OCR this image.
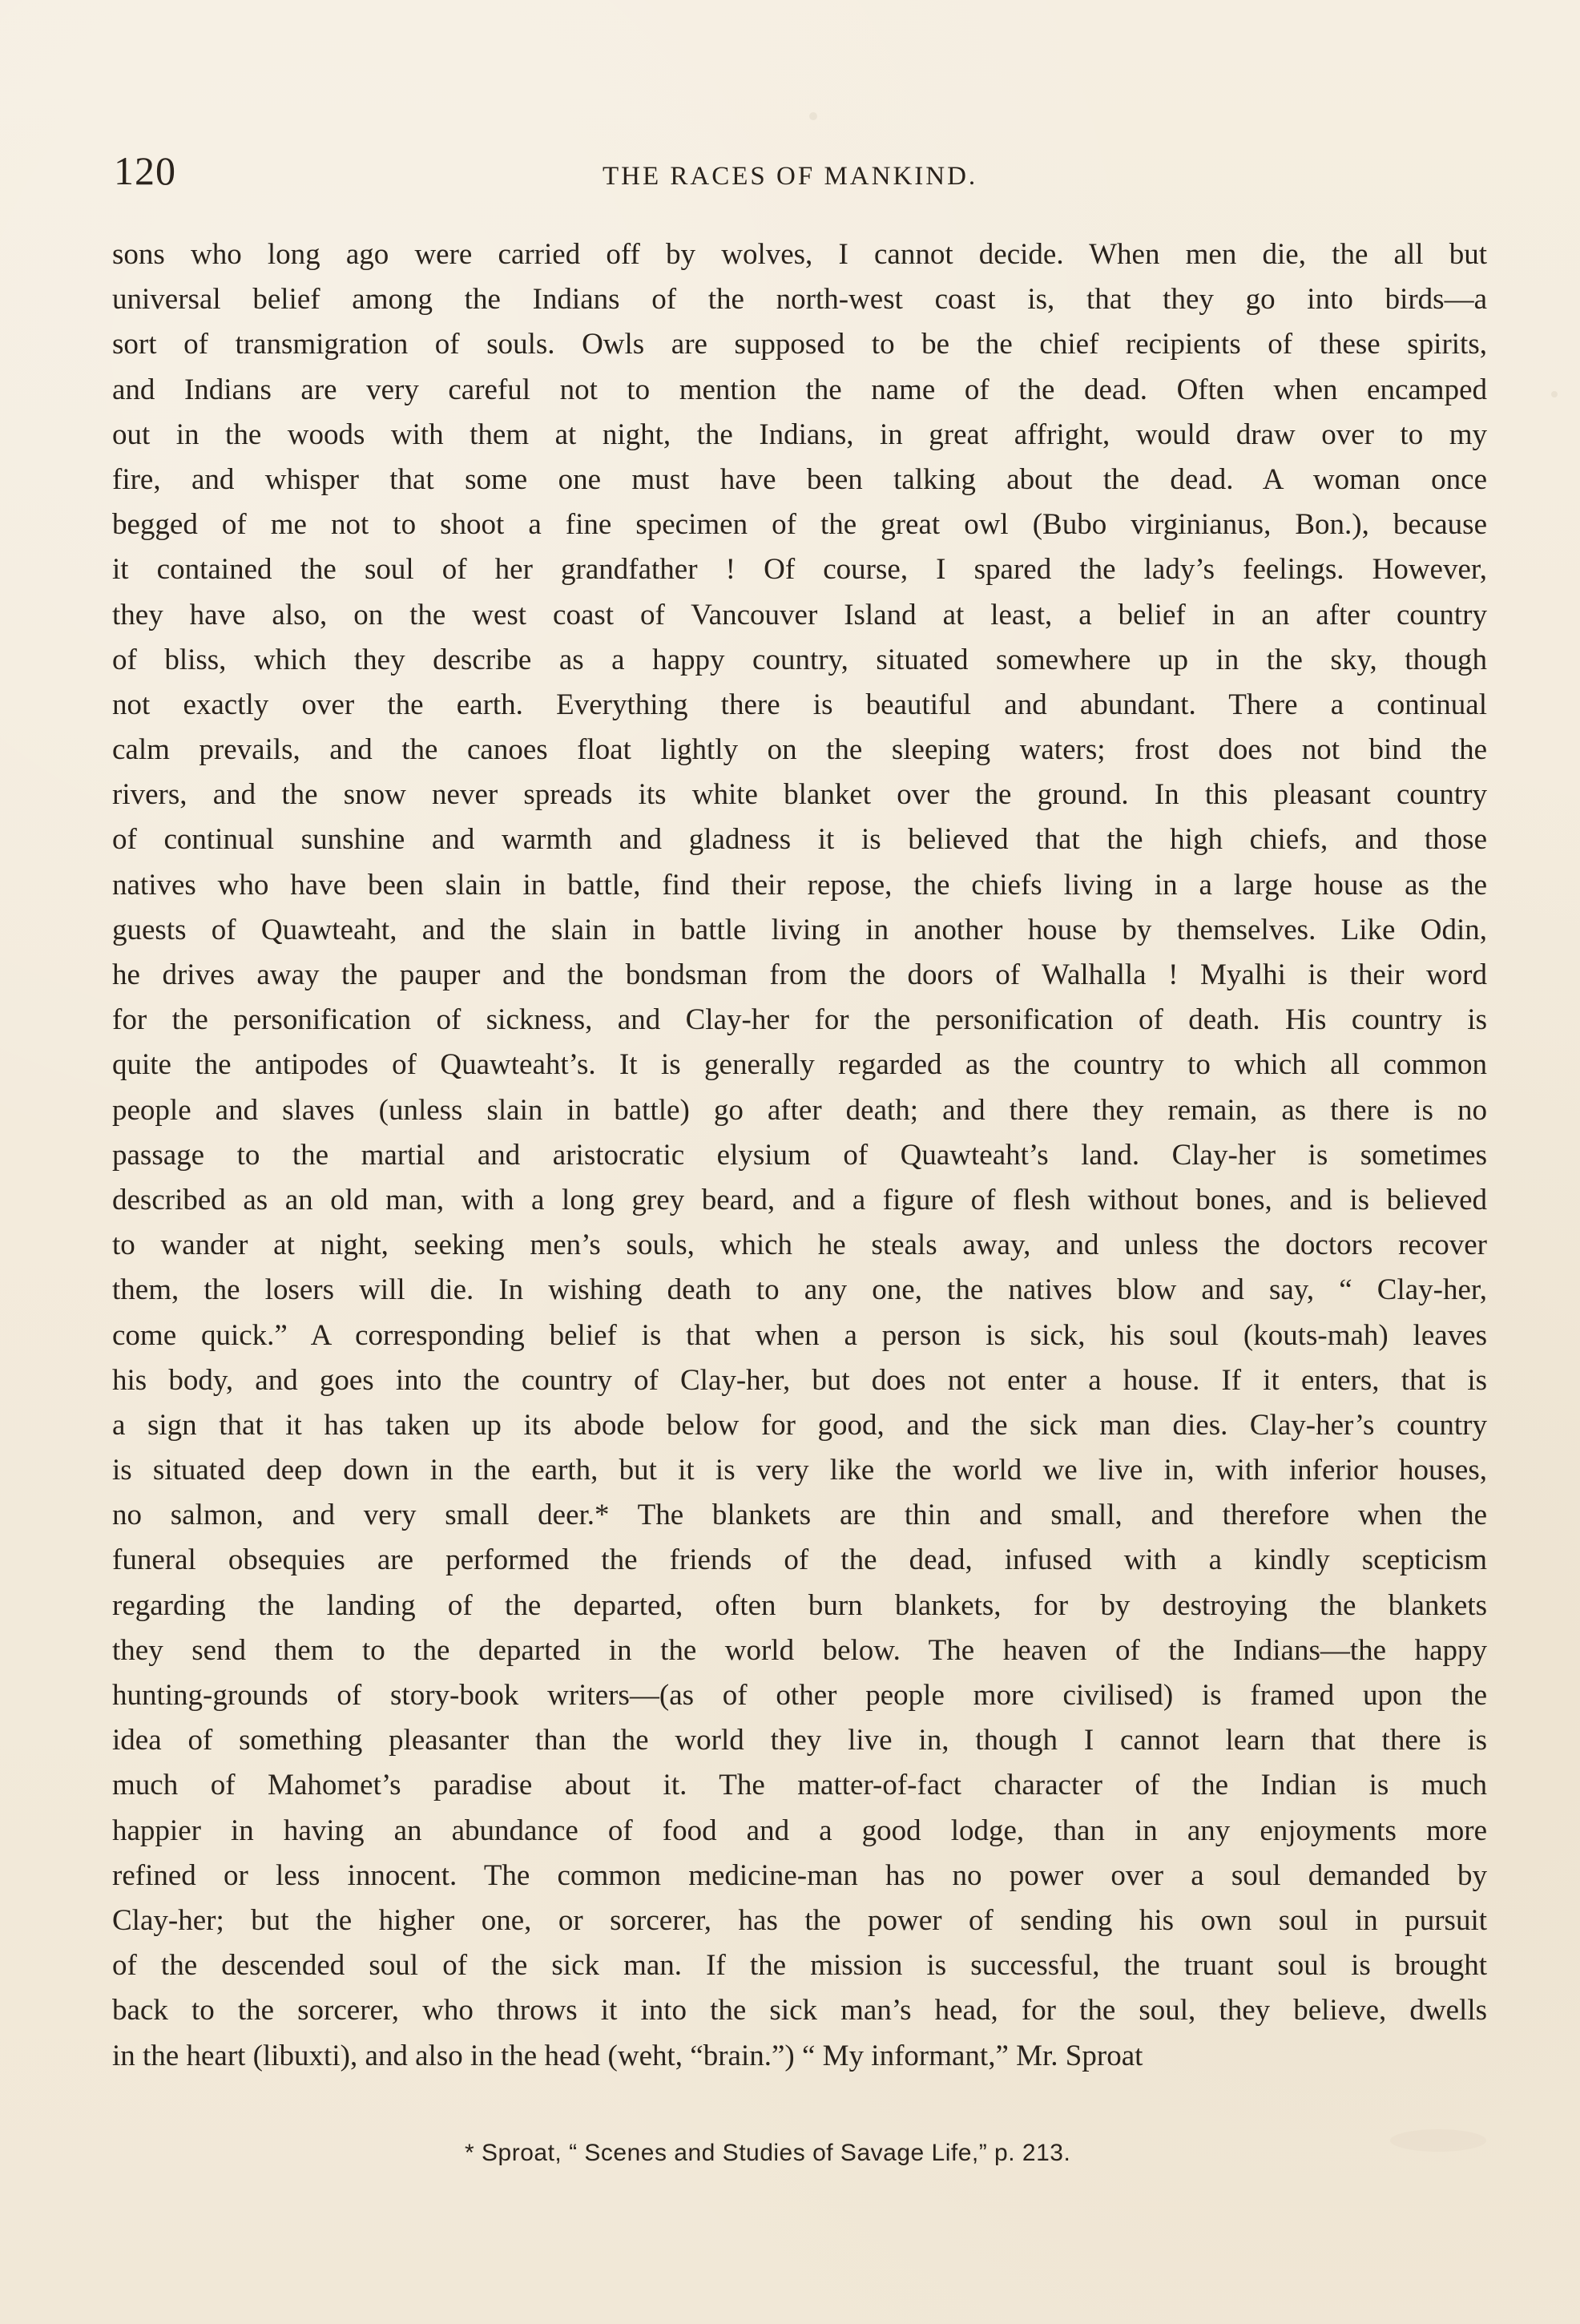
120	THE RACES OF MANKIND.
sons who long ago were carried off by wolves, I cannot decide. When men die, the all but
universal belief among the Indians of the north-west coast is, that they go into birds—a
sort of transmigration of souls. Owls are supposed to be the chief recipients of these spirits,
and Indians are very careful not to mention the name of the dead. Often when encamped
out in the woods with them at night, the Indians, in great affright, would draw over to my
fire, and whisper that some one must have been talking about the dead. A woman once
begged of me not to shoot a fine specimen of the great owl (Bubo virginianus, Bon.), because
it contained the soul of her grandfather ! Of course, I spared the lady’s feelings. However,
they have also, on the west coast of Vancouver Island at least, a belief in an after country
of bliss, which they describe as a happy country, situated somewhere up in the sky, though
not exactly over the earth. Everything there is beautiful and abundant. There a continual
calm prevails, and the canoes float lightly on the sleeping waters; frost does not bind the
rivers, and the snow never spreads its white blanket over the ground. In this pleasant country
of continual sunshine and warmth and gladness it is believed that the high chiefs, and those
natives who have been slain in battle, find their repose, the chiefs living in a large house as the
guests of Quawteaht, and the slain in battle living in another house by themselves. Like Odin,
he drives away the pauper and the bondsman from the doors of Walhalla ! Myalhi is their word
for the personification of sickness, and Clay-her for the personification of death. His country is
quite the antipodes of Quawteaht’s. It is generally regarded as the country to which all common
people and slaves (unless slain in battle) go after death; and there they remain, as there is no
passage to the martial and aristocratic elysium of Quawteaht’s land. Clay-her is sometimes
described as an old man, with a long grey beard, and a figure of flesh without bones, and is believed
to wander at night, seeking men’s souls, which he steals away, and unless the doctors recover
them, the losers will die. In wishing death to any one, the natives blow and say, “ Clay-her,
come quick.” A corresponding belief is that when a person is sick, his soul (kouts-mah) leaves
his body, and goes into the country of Clay-her, but does not enter a house. If it enters, that is
a sign that it has taken up its abode below for good, and the sick man dies. Clay-her’s country
is situated deep down in the earth, but it is very like the world we live in, with inferior houses,
no salmon, and very small deer.* The blankets are thin and small, and therefore when the
funeral obsequies are performed the friends of the dead, infused with a kindly scepticism
regarding the landing of the departed, often burn blankets, for by destroying the blankets
they send them to the departed in the world below. The heaven of the Indians—the happy
hunting-grounds of story-book writers—(as of other people more civilised) is framed upon the
idea of something pleasanter than the world they live in, though I cannot learn that there is
much of Mahomet’s paradise about it. The matter-of-fact character of the Indian is much
happier in having an abundance of food and a good lodge, than in any enjoyments more
refined or less innocent. The common medicine-man has no power over a soul demanded by
Clay-her; but the higher one, or sorcerer, has the power of sending his own soul in pursuit
of the descended soul of the sick man. If the mission is successful, the truant soul is brought
back to the sorcerer, who throws it into the sick man’s head, for the soul, they believe, dwells
in the heart (libuxti), and also in the head (weht, “brain.”) “ My informant,” Mr. Sproat
* Sproat, “ Scenes and Studies of Savage Life,” p. 213.
